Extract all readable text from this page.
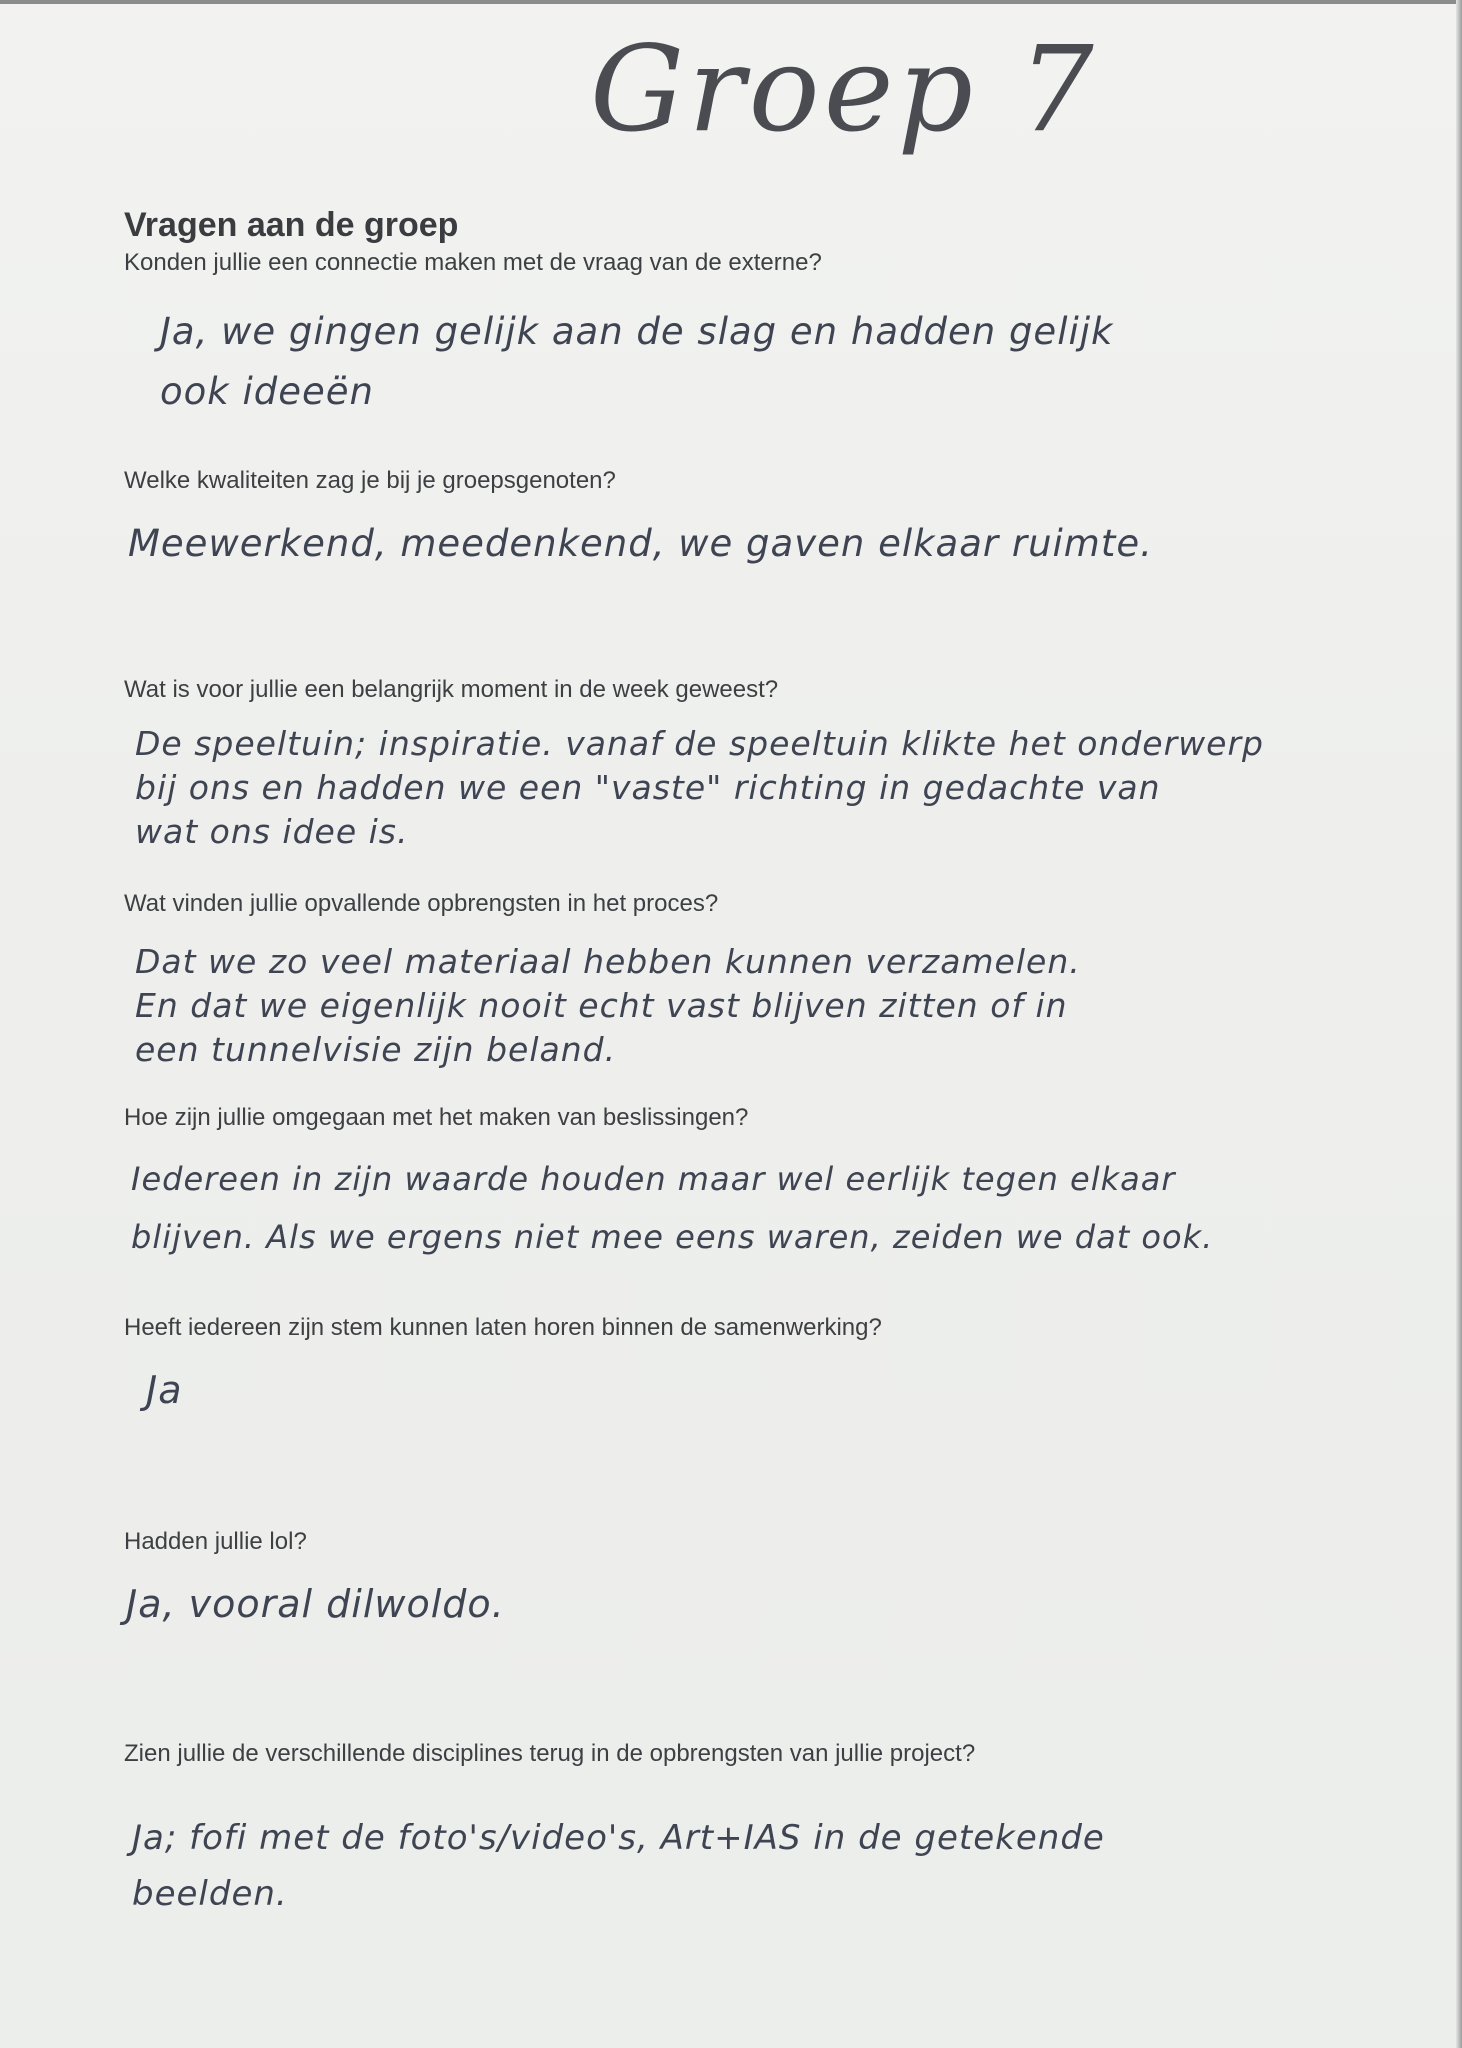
Groep 7
Vragen aan de groep

Konden jullie een connectie maken met de vraag van de externe?

Ja, we gingen gelijk aan de slag en hadden gelijk
ook ideeën

Welke kwaliteiten zag je bij je groepsgenoten?

Meewerkend, meedenkend, we gaven elkaar ruimte.

Wat is voor jullie een belangrijk moment in de week geweest?

De speeltuin; inspiratie. vanaf de speeltuin klikte het onderwerp
bij ons en hadden we een "vaste" richting in gedachte van
wat ons idee is.

Wat vinden jullie opvallende opbrengsten in het proces?

Dat we zo veel materiaal hebben kunnen verzamelen.
En dat we eigenlijk nooit echt vast blijven zitten of in
een tunnelvisie zijn beland.

Hoe zijn jullie omgegaan met het maken van beslissingen?

Iedereen in zijn waarde houden maar wel eerlijk tegen elkaar
blijven. Als we ergens niet mee eens waren, zeiden we dat ook.

Heeft iedereen zijn stem kunnen laten horen binnen de samenwerking?

Ja

Hadden jullie lol?

Ja, vooral dilwoldo.

Zien jullie de verschillende disciplines terug in de opbrengsten van jullie project?

Ja; fofi met de foto's/video's, Art+IAS in de getekende
beelden.
